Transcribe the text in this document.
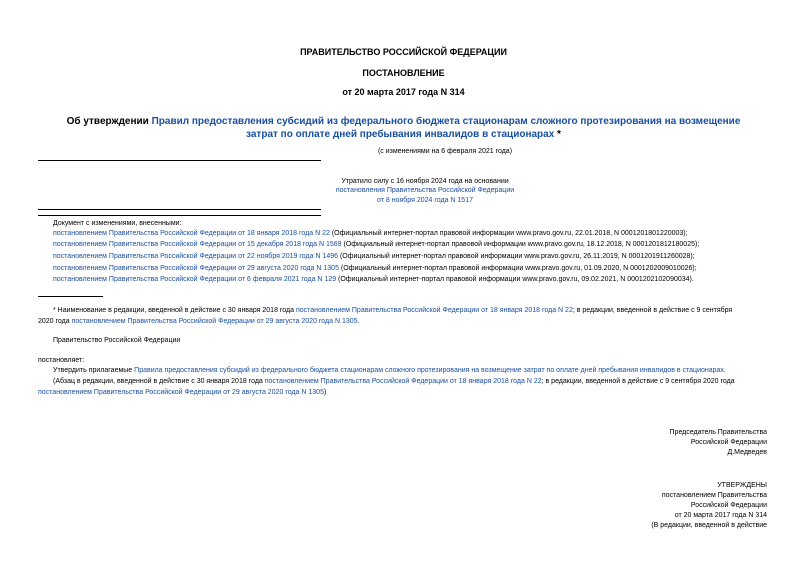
ПРАВИТЕЛЬСТВО РОССИЙСКОЙ ФЕДЕРАЦИИ
ПОСТАНОВЛЕНИЕ
от 20 марта 2017 года N 314
Об утверждении Правил предоставления субсидий из федерального бюджета стационарам сложного протезирования на возмещение затрат по оплате дней пребывания инвалидов в стационарах *
(с изменениями на 6 февраля 2021 года)
Утратило силу с 16 ноября 2024 года на основании
постановления Правительства Российской Федерации
от 8 ноября 2024 года N 1517
Документ с изменениями, внесенными:
постановлением Правительства Российской Федерации от 18 января 2018 года N 22 (Официальный интернет-портал правовой информации www.pravo.gov.ru, 22.01.2018, N 0001201801220003);
постановлением Правительства Российской Федерации от 15 декабря 2018 года N 1569 (Официальный интернет-портал правовой информации www.pravo.gov.ru, 18.12.2018, N 0001201812180025);
постановлением Правительства Российской Федерации от 22 ноября 2019 года N 1496 (Официальный интернет-портал правовой информации www.pravo.gov.ru, 26.11.2019, N 0001201911260028);
постановлением Правительства Российской Федерации от 29 августа 2020 года N 1305 (Официальный интернет-портал правовой информации www.pravo.gov.ru, 01.09.2020, N 0001202009010026);
постановлением Правительства Российской Федерации от 6 февраля 2021 года N 129 (Официальный интернет-портал правовой информации www.pravo.gov.ru, 09.02.2021, N 0001202102090034).
* Наименование в редакции, введенной в действие с 30 января 2018 года постановлением Правительства Российской Федерации от 18 января 2018 года N 22; в редакции, введенной в действие с 9 сентября
2020 года постановлением Правительства Российской Федерации от 29 августа 2020 года N 1305.
Правительство Российской Федерации
постановляет:
Утвердить прилагаемые Правила предоставления субсидий из федерального бюджета стационарам сложного протезирования на возмещение затрат по оплате дней пребывания инвалидов в стационарах.
(Абзац в редакции, введенной в действие с 30 января 2018 года постановлением Правительства Российской Федерации от 18 января 2018 года N 22; в редакции, введенной в действие с 9 сентября 2020 года
постановлением Правительства Российской Федерации от 29 августа 2020 года N 1305)
Председатель Правительства
Российской Федерации
Д.Медведев
УТВЕРЖДЕНЫ
постановлением Правительства
Российской Федерации
от 20 марта 2017 года N 314
(В редакции, введенной в действие
